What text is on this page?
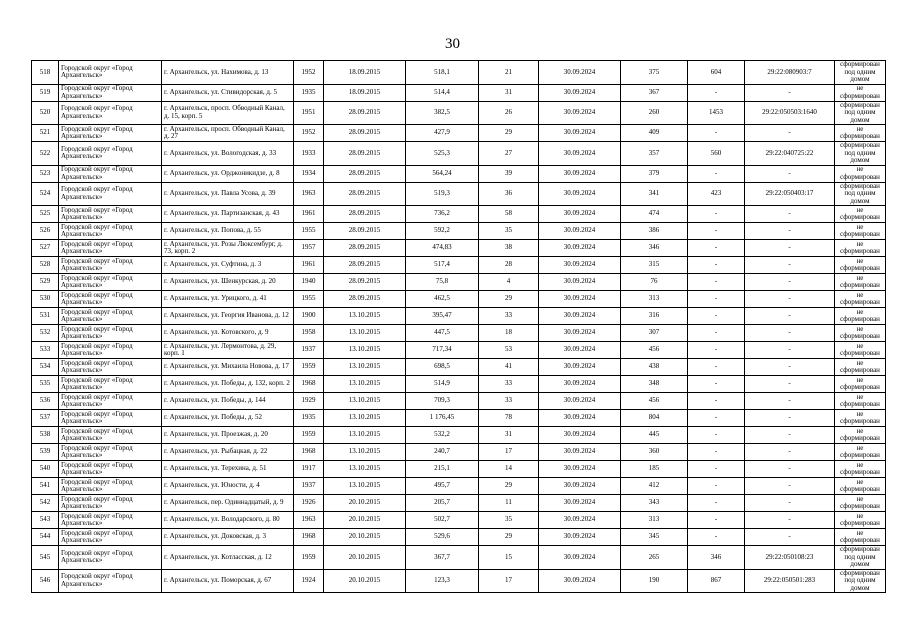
30
518	Городской округ «Город Архангельск»	г. Архангельск, ул. Нахимова, д. 13	1952	18.09.2015	518,1	21	30.09.2024	375	604	29:22:080903:7	сформирован под одним домом
519	Городской округ «Город Архангельск»	г. Архангельск, ул. Стивидорская, д. 5	1935	18.09.2015	514,4	31	30.09.2024	367	-	-	не сформирован
520	Городской округ «Город Архангельск»	г. Архангельск, просп. Обводный Канал, д. 15, корп. 5	1951	28.09.2015	382,5	26	30.09.2024	260	1453	29:22:050503:1640	сформирован под одним домом
521	Городской округ «Город Архангельск»	г. Архангельск, просп. Обводный Канал, д. 27	1952	28.09.2015	427,9	29	30.09.2024	409	-	-	не сформирован
522	Городской округ «Город Архангельск»	г. Архангельск, ул. Вологодская, д. 33	1933	28.09.2015	525,3	27	30.09.2024	357	560	29:22:040725:22	сформирован под одним домом
523	Городской округ «Город Архангельск»	г. Архангельск, ул. Орджоникидзе, д. 8	1934	28.09.2015	564,24	39	30.09.2024	379	-	-	не сформирован
524	Городской округ «Город Архангельск»	г. Архангельск, ул. Павла Усова, д. 39	1963	28.09.2015	519,3	36	30.09.2024	341	423	29:22:050403:17	сформирован под одним домом
525	Городской округ «Город Архангельск»	г. Архангельск, ул. Партизанская, д. 43	1961	28.09.2015	736,2	58	30.09.2024	474	-	-	не сформирован
526	Городской округ «Город Архангельск»	г. Архангельск, ул. Попова, д. 55	1955	28.09.2015	592,2	35	30.09.2024	386	-	-	не сформирован
527	Городской округ «Город Архангельск»	г. Архангельск, ул. Розы Люксембург, д. 73, корп. 2	1957	28.09.2015	474,83	38	30.09.2024	346	-	-	не сформирован
528	Городской округ «Город Архангельск»	г. Архангельск, ул. Суфтина, д. 3	1961	28.09.2015	517,4	28	30.09.2024	315	-	-	не сформирован
529	Городской округ «Город Архангельск»	г. Архангельск, ул. Шенкурская, д. 20	1940	28.09.2015	75,8	4	30.09.2024	76	-	-	не сформирован
530	Городской округ «Город Архангельск»	г. Архангельск, ул. Урицкого, д. 41	1955	28.09.2015	462,5	29	30.09.2024	313	-	-	не сформирован
531	Городской округ «Город Архангельск»	г. Архангельск, ул. Георгия Иванова, д. 12	1900	13.10.2015	395,47	33	30.09.2024	316	-	-	не сформирован
532	Городской округ «Город Архангельск»	г. Архангельск, ул. Котовского, д. 9	1958	13.10.2015	447,5	18	30.09.2024	307	-	-	не сформирован
533	Городской округ «Город Архангельск»	г. Архангельск, ул. Лермонтова, д. 29, корп. 1	1937	13.10.2015	717,34	53	30.09.2024	456	-	-	не сформирован
534	Городской округ «Город Архангельск»	г. Архангельск, ул. Михаила Новова, д. 17	1959	13.10.2015	698,5	41	30.09.2024	438	-	-	не сформирован
535	Городской округ «Город Архангельск»	г. Архангельск, ул. Победы, д. 132, корп. 2	1968	13.10.2015	514,9	33	30.09.2024	348	-	-	не сформирован
536	Городской округ «Город Архангельск»	г. Архангельск, ул. Победы, д. 144	1929	13.10.2015	709,3	33	30.09.2024	456	-	-	не сформирован
537	Городской округ «Город Архангельск»	г. Архангельск, ул. Победы, д. 52	1935	13.10.2015	1 176,45	78	30.09.2024	804	-	-	не сформирован
538	Городской округ «Город Архангельск»	г. Архангельск, ул. Проезжая, д. 20	1959	13.10.2015	532,2	31	30.09.2024	445	-	-	не сформирован
539	Городской округ «Город Архангельск»	г. Архангельск, ул. Рыбацкая, д. 22	1968	13.10.2015	240,7	17	30.09.2024	360	-	-	не сформирован
540	Городской округ «Город Архангельск»	г. Архангельск, ул. Терехина, д. 51	1917	13.10.2015	215,1	14	30.09.2024	185	-	-	не сформирован
541	Городской округ «Город Архангельск»	г. Архангельск, ул. Юности, д. 4	1937	13.10.2015	495,7	29	30.09.2024	412	-	-	не сформирован
542	Городской округ «Город Архангельск»	г. Архангельск, пер. Одиннадцатый, д. 9	1926	20.10.2015	205,7	11	30.09.2024	343	-	-	не сформирован
543	Городской округ «Город Архангельск»	г. Архангельск, ул. Володарского, д. 80	1963	20.10.2015	502,7	35	30.09.2024	313	-	-	не сформирован
544	Городской округ «Город Архангельск»	г. Архангельск, ул. Доковская, д. 3	1968	20.10.2015	529,6	29	30.09.2024	345	-	-	не сформирован
545	Городской округ «Город Архангельск»	г. Архангельск, ул. Котласская, д. 12	1959	20.10.2015	367,7	15	30.09.2024	265	346	29:22:050108:23	сформирован под одним домом
546	Городской округ «Город Архангельск»	г. Архангельск, ул. Поморская, д. 67	1924	20.10.2015	123,3	17	30.09.2024	190	867	29:22:050501:283	сформирован под одним домом
